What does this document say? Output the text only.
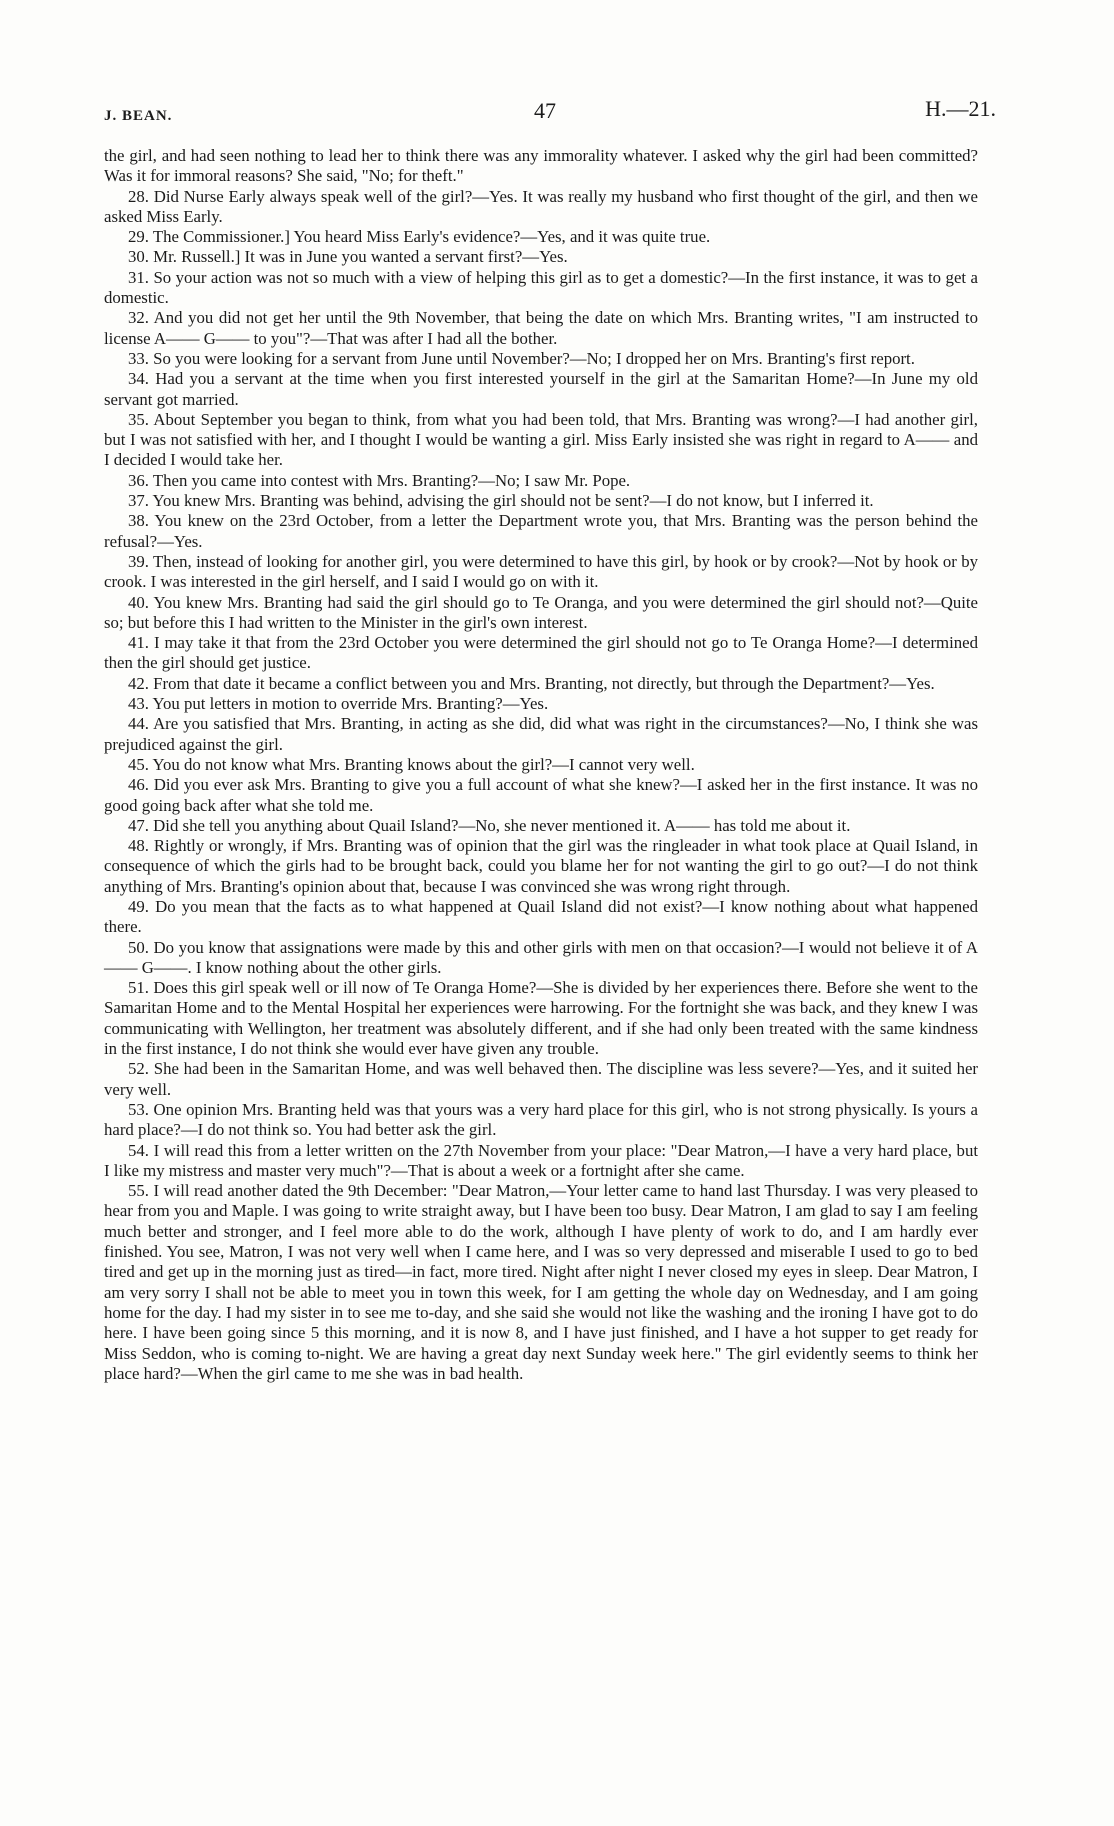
J. BEAN.	47	H.—21.

the girl, and had seen nothing to lead her to think there was any immorality whatever. I asked why the girl had been committed? Was it for immoral reasons? She said, "No; for theft."

28. Did Nurse Early always speak well of the girl?—Yes. It was really my husband who first thought of the girl, and then we asked Miss Early.

29. The Commissioner.] You heard Miss Early's evidence?—Yes, and it was quite true.

30. Mr. Russell.] It was in June you wanted a servant first?—Yes.

31. So your action was not so much with a view of helping this girl as to get a domestic?—In the first instance, it was to get a domestic.

32. And you did not get her until the 9th November, that being the date on which Mrs. Branting writes, "I am instructed to license A—— G—— to you"?—That was after I had all the bother.

33. So you were looking for a servant from June until November?—No; I dropped her on Mrs. Branting's first report.

34. Had you a servant at the time when you first interested yourself in the girl at the Samaritan Home?—In June my old servant got married.

35. About September you began to think, from what you had been told, that Mrs. Branting was wrong?—I had another girl, but I was not satisfied with her, and I thought I would be wanting a girl. Miss Early insisted she was right in regard to A—— and I decided I would take her.

36. Then you came into contest with Mrs. Branting?—No; I saw Mr. Pope.

37. You knew Mrs. Branting was behind, advising the girl should not be sent?—I do not know, but I inferred it.

38. You knew on the 23rd October, from a letter the Department wrote you, that Mrs. Branting was the person behind the refusal?—Yes.

39. Then, instead of looking for another girl, you were determined to have this girl, by hook or by crook?—Not by hook or by crook. I was interested in the girl herself, and I said I would go on with it.

40. You knew Mrs. Branting had said the girl should go to Te Oranga, and you were determined the girl should not?—Quite so; but before this I had written to the Minister in the girl's own interest.

41. I may take it that from the 23rd October you were determined the girl should not go to Te Oranga Home?—I determined then the girl should get justice.

42. From that date it became a conflict between you and Mrs. Branting, not directly, but through the Department?—Yes.

43. You put letters in motion to override Mrs. Branting?—Yes.

44. Are you satisfied that Mrs. Branting, in acting as she did, did what was right in the circumstances?—No, I think she was prejudiced against the girl.

45. You do not know what Mrs. Branting knows about the girl?—I cannot very well.

46. Did you ever ask Mrs. Branting to give you a full account of what she knew?—I asked her in the first instance. It was no good going back after what she told me.

47. Did she tell you anything about Quail Island?—No, she never mentioned it. A—— has told me about it.

48. Rightly or wrongly, if Mrs. Branting was of opinion that the girl was the ringleader in what took place at Quail Island, in consequence of which the girls had to be brought back, could you blame her for not wanting the girl to go out?—I do not think anything of Mrs. Branting's opinion about that, because I was convinced she was wrong right through.

49. Do you mean that the facts as to what happened at Quail Island did not exist?—I know nothing about what happened there.

50. Do you know that assignations were made by this and other girls with men on that occasion?—I would not believe it of A—— G——. I know nothing about the other girls.

51. Does this girl speak well or ill now of Te Oranga Home?—She is divided by her experiences there. Before she went to the Samaritan Home and to the Mental Hospital her experiences were harrowing. For the fortnight she was back, and they knew I was communicating with Wellington, her treatment was absolutely different, and if she had only been treated with the same kindness in the first instance, I do not think she would ever have given any trouble.

52. She had been in the Samaritan Home, and was well behaved then. The discipline was less severe?—Yes, and it suited her very well.

53. One opinion Mrs. Branting held was that yours was a very hard place for this girl, who is not strong physically. Is yours a hard place?—I do not think so. You had better ask the girl.

54. I will read this from a letter written on the 27th November from your place: "Dear Matron,—I have a very hard place, but I like my mistress and master very much"?—That is about a week or a fortnight after she came.

55. I will read another dated the 9th December: "Dear Matron,—Your letter came to hand last Thursday. I was very pleased to hear from you and Maple. I was going to write straight away, but I have been too busy. Dear Matron, I am glad to say I am feeling much better and stronger, and I feel more able to do the work, although I have plenty of work to do, and I am hardly ever finished. You see, Matron, I was not very well when I came here, and I was so very depressed and miserable I used to go to bed tired and get up in the morning just as tired—in fact, more tired. Night after night I never closed my eyes in sleep. Dear Matron, I am very sorry I shall not be able to meet you in town this week, for I am getting the whole day on Wednesday, and I am going home for the day. I had my sister in to see me to-day, and she said she would not like the washing and the ironing I have got to do here. I have been going since 5 this morning, and it is now 8, and I have just finished, and I have a hot supper to get ready for Miss Seddon, who is coming to-night. We are having a great day next Sunday week here." The girl evidently seems to think her place hard?—When the girl came to me she was in bad health.
